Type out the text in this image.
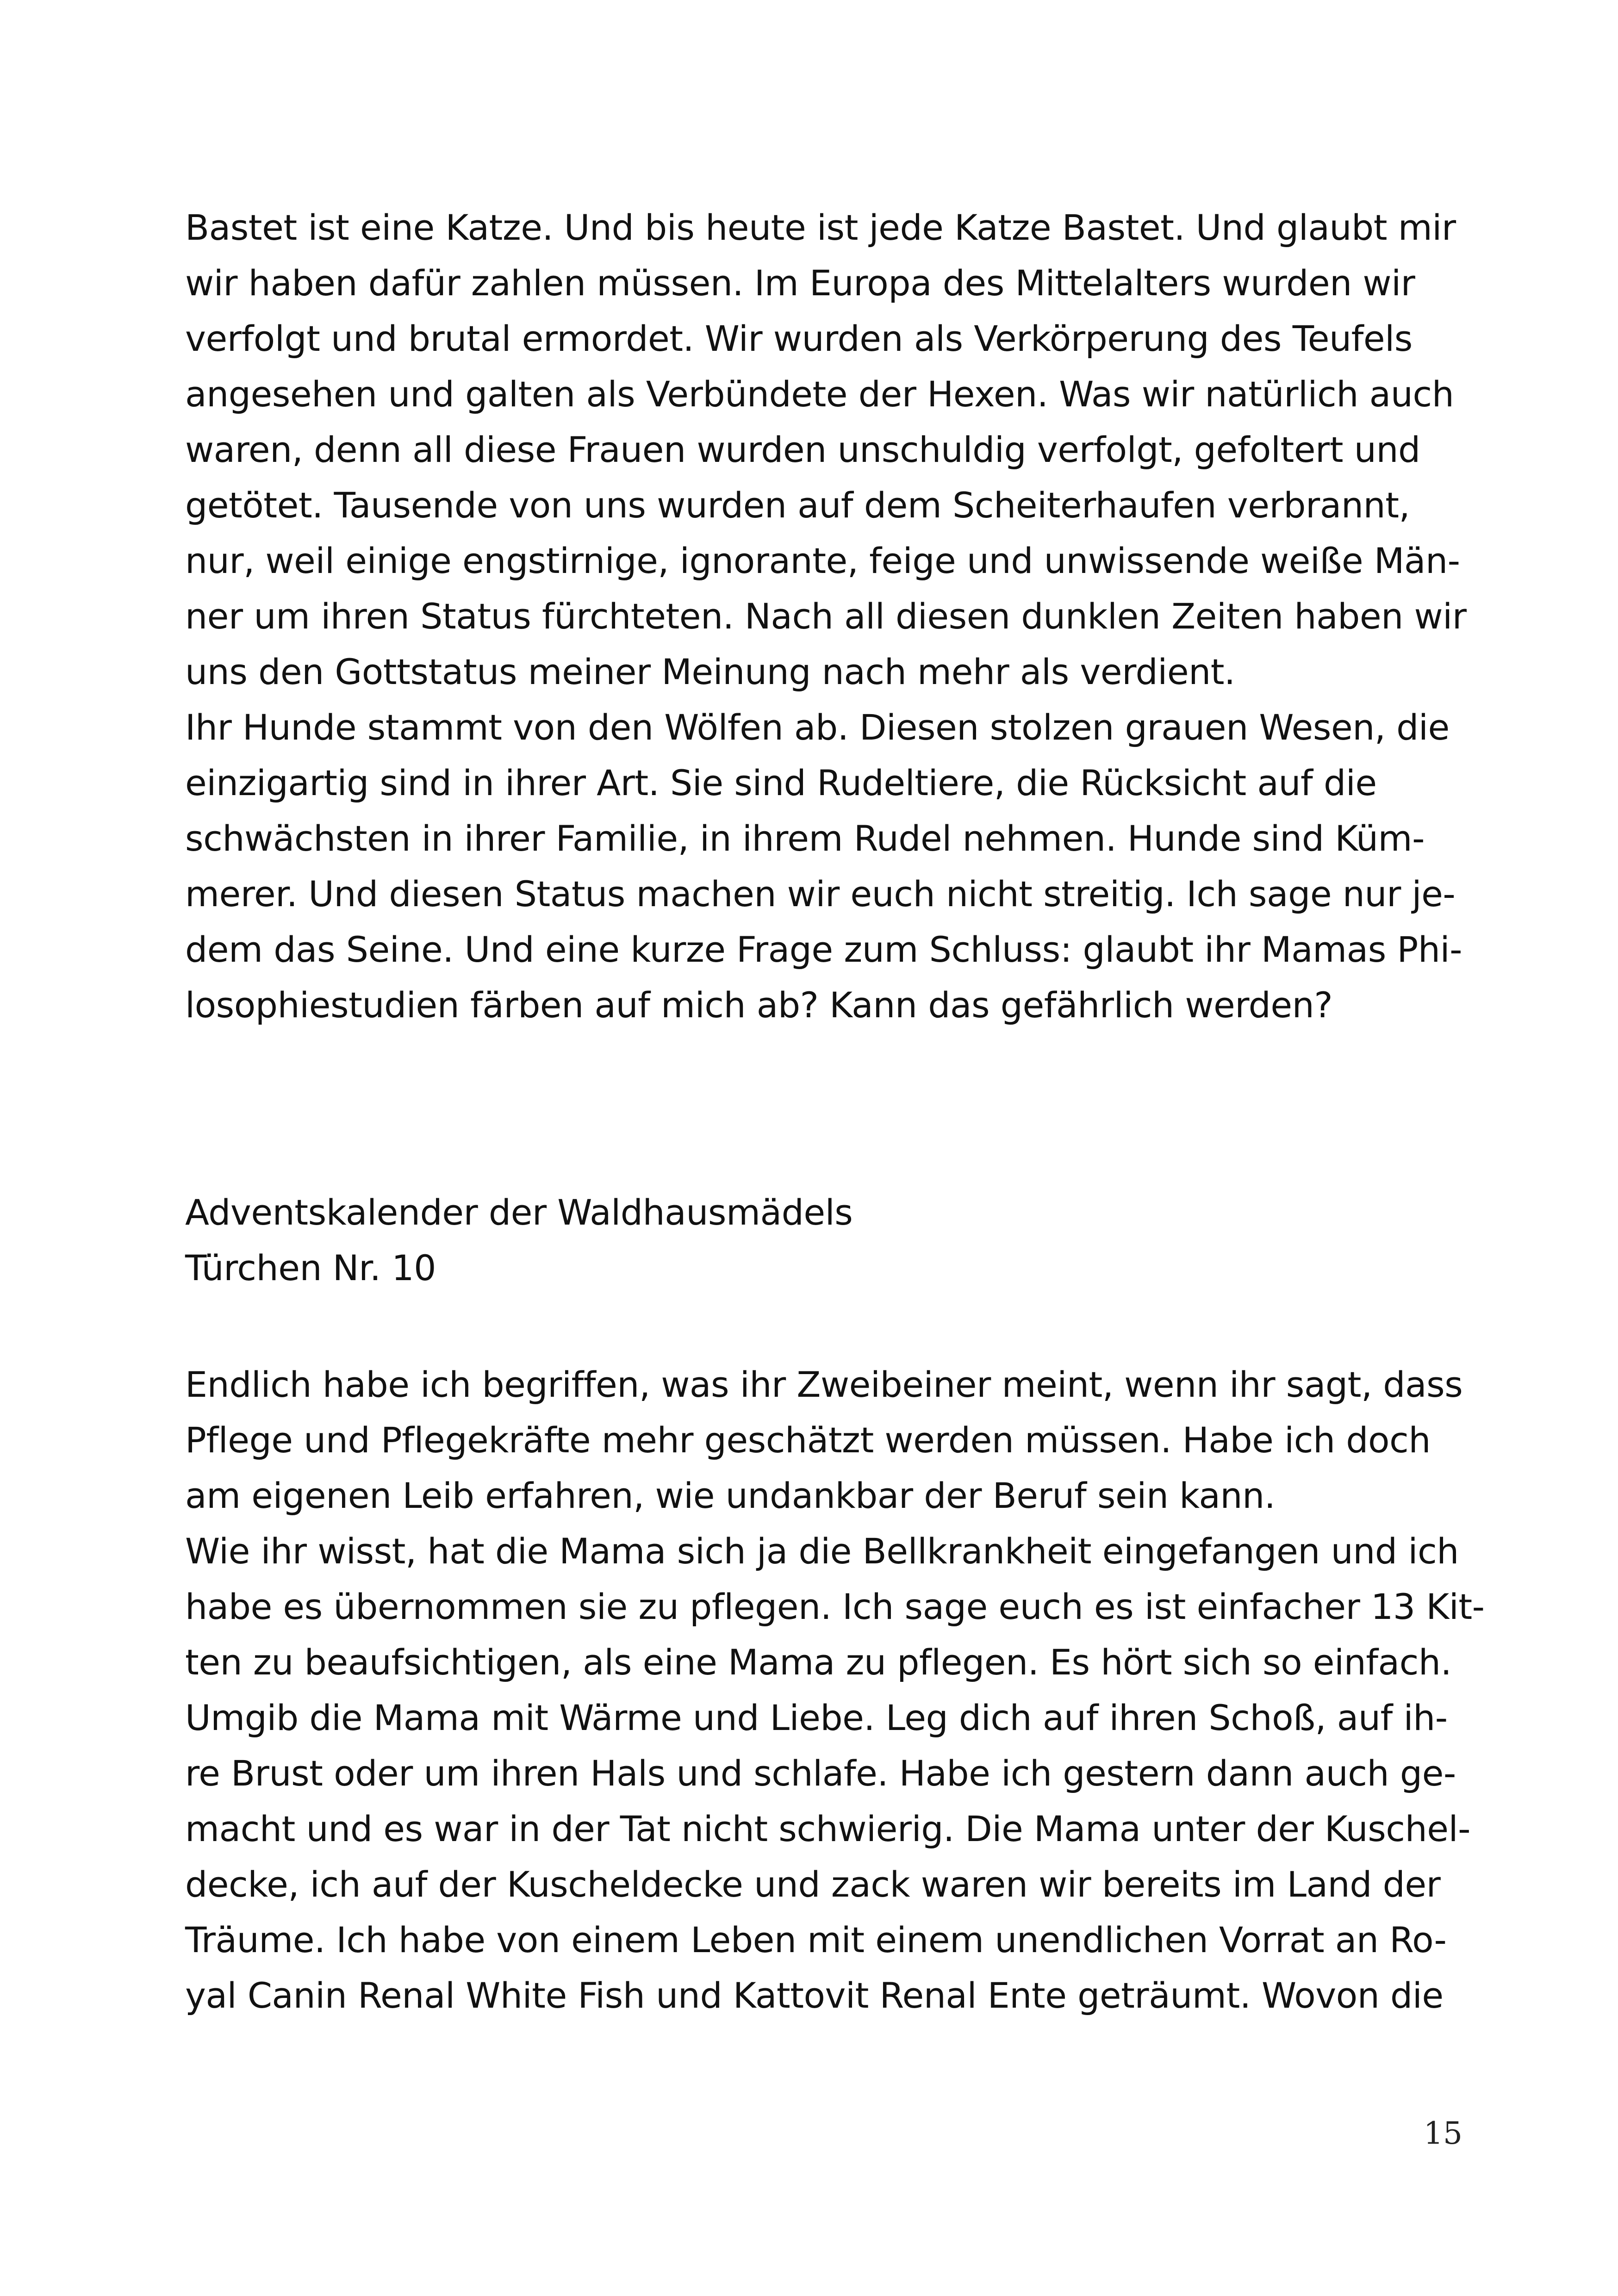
Bastet ist eine Katze. Und bis heute ist jede Katze Bastet. Und glaubt mir
wir haben dafür zahlen müssen. Im Europa des Mittelalters wurden wir
verfolgt und brutal ermordet. Wir wurden als Verkörperung des Teufels
angesehen und galten als Verbündete der Hexen. Was wir natürlich auch
waren, denn all diese Frauen wurden unschuldig verfolgt, gefoltert und
getötet. Tausende von uns wurden auf dem Scheiterhaufen verbrannt,
nur, weil einige engstirnige, ignorante, feige und unwissende weiße Män-
ner um ihren Status fürchteten. Nach all diesen dunklen Zeiten haben wir
uns den Gottstatus meiner Meinung nach mehr als verdient.
Ihr Hunde stammt von den Wölfen ab. Diesen stolzen grauen Wesen, die
einzigartig sind in ihrer Art. Sie sind Rudeltiere, die Rücksicht auf die
schwächsten in ihrer Familie, in ihrem Rudel nehmen. Hunde sind Küm-
merer. Und diesen Status machen wir euch nicht streitig. Ich sage nur je-
dem das Seine. Und eine kurze Frage zum Schluss: glaubt ihr Mamas Phi-
losophiestudien färben auf mich ab? Kann das gefährlich werden?
Adventskalender der Waldhausmädels
Türchen Nr. 10
Endlich habe ich begriffen, was ihr Zweibeiner meint, wenn ihr sagt, dass
Pflege und Pflegekräfte mehr geschätzt werden müssen. Habe ich doch
am eigenen Leib erfahren, wie undankbar der Beruf sein kann.
Wie ihr wisst, hat die Mama sich ja die Bellkrankheit eingefangen und ich
habe es übernommen sie zu pflegen. Ich sage euch es ist einfacher 13 Kit-
ten zu beaufsichtigen, als eine Mama zu pflegen. Es hört sich so einfach.
Umgib die Mama mit Wärme und Liebe. Leg dich auf ihren Schoß, auf ih-
re Brust oder um ihren Hals und schlafe. Habe ich gestern dann auch ge-
macht und es war in der Tat nicht schwierig. Die Mama unter der Kuschel-
decke, ich auf der Kuscheldecke und zack waren wir bereits im Land der
Träume. Ich habe von einem Leben mit einem unendlichen Vorrat an Ro-
yal Canin Renal White Fish und Kattovit Renal Ente geträumt. Wovon die
15
